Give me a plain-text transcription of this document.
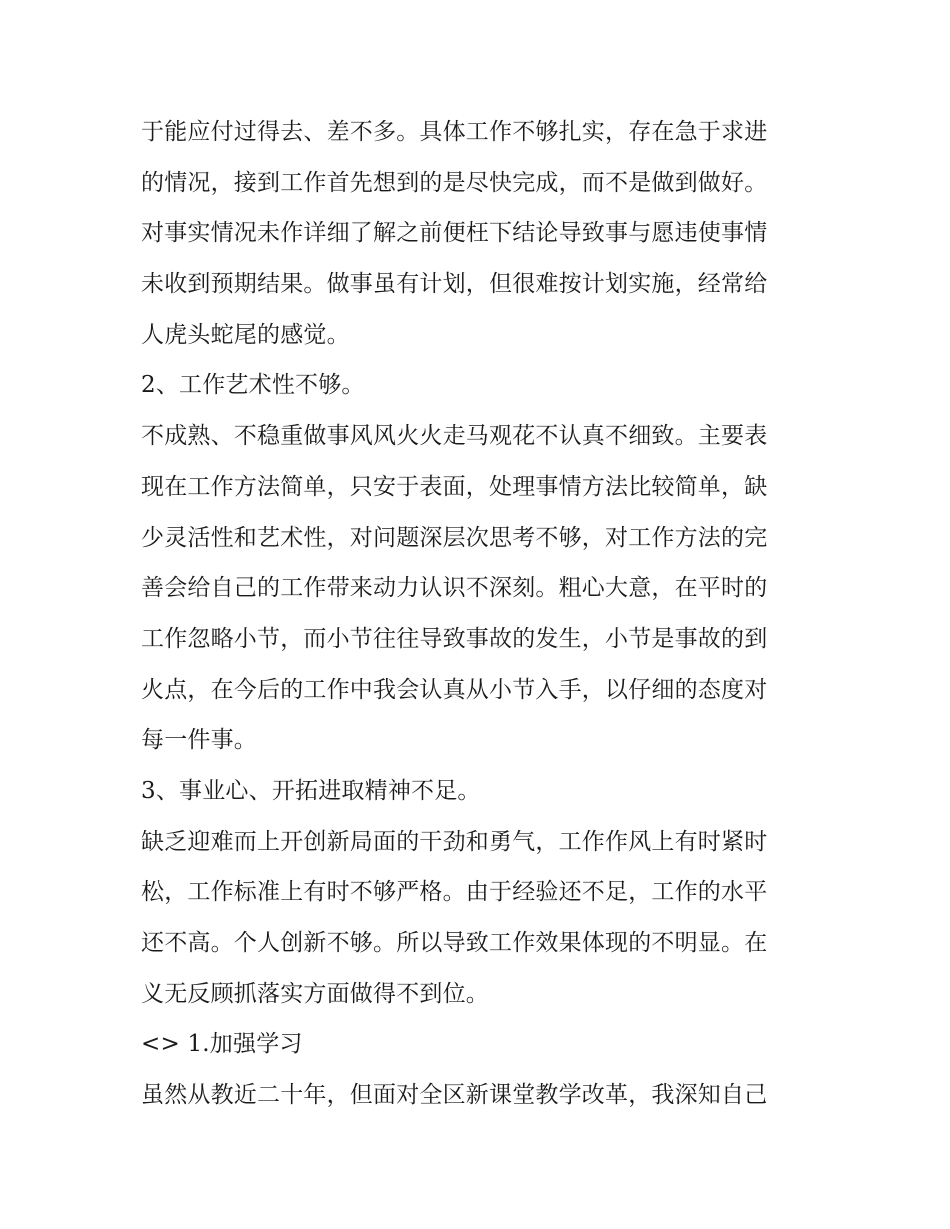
于能应付过得去、差不多。具体工作不够扎实，存在急于求进
的情况，接到工作首先想到的是尽快完成，而不是做到做好。
对事实情况未作详细了解之前便枉下结论导致事与愿违使事情
未收到预期结果。做事虽有计划，但很难按计划实施，经常给
人虎头蛇尾的感觉。
2、工作艺术性不够。
不成熟、不稳重做事风风火火走马观花不认真不细致。主要表
现在工作方法简单，只安于表面，处理事情方法比较简单，缺
少灵活性和艺术性，对问题深层次思考不够，对工作方法的完
善会给自己的工作带来动力认识不深刻。粗心大意，在平时的
工作忽略小节，而小节往往导致事故的发生，小节是事故的到
火点，在今后的工作中我会认真从小节入手，以仔细的态度对
每一件事。
3、事业心、开拓进取精神不足。
缺乏迎难而上开创新局面的干劲和勇气，工作作风上有时紧时
松，工作标准上有时不够严格。由于经验还不足，工作的水平
还不高。个人创新不够。所以导致工作效果体现的不明显。在
义无反顾抓落实方面做得不到位。
<> 1.加强学习
虽然从教近二十年，但面对全区新课堂教学改革，我深知自己
